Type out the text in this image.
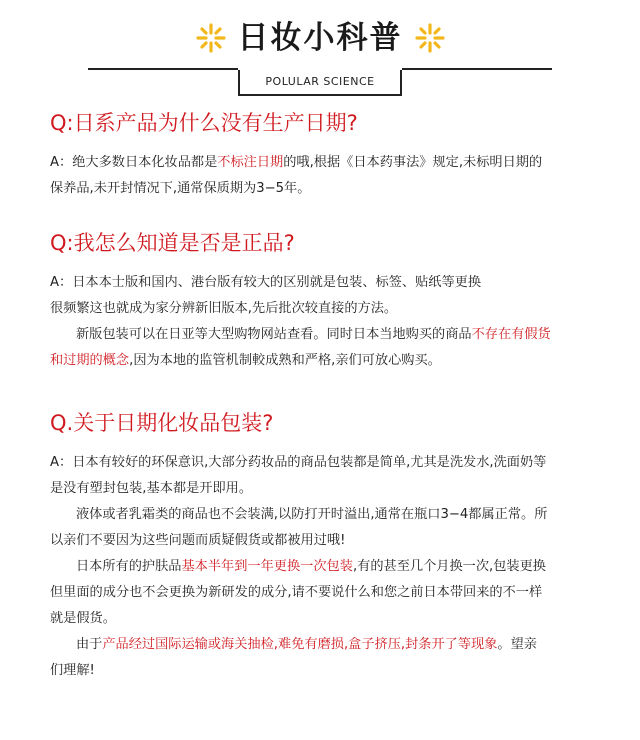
日妆小科普
POLULAR SCIENCE
Q:日系产品为什么没有生产日期?

A：绝大多数日本化妆品都是不标注日期的哦,根据《日本药事法》规定,未标明日期的

保养品,未开封情况下,通常保质期为3−5年。

Q:我怎么知道是否是正品?

A：日本本士版和国内、港台版有较大的区别就是包装、标签、贴纸等更换

很频繁这也就成为家分辨新旧版本,先后批次较直接的方法。

新版包装可以在日亚等大型购物网站查看。同时日本当地购买的商品不存在有假货

和过期的概念,因为本地的监管机制較成熟和严格,亲们可放心购买。

Q.关于日期化妆品包装?

A：日本有较好的环保意识,大部分药妆品的商品包装都是简单,尤其是洗发水,洗面奶等

是没有塑封包装,基本都是开即用。

液体或者乳霜类的商品也不会装满,以防打开时溢出,通常在瓶口3−4都属正常。所

以亲们不要因为这些问题而质疑假货或都被用过哦!

日本所有的护肤品基本半年到一年更换一次包装,有的甚至几个月换一次,包装更换

但里面的成分也不会更换为新研发的成分,请不要说什么和您之前日本带回来的不一样

就是假货。

由于产品经过国际运输或海关抽检,难免有磨损,盒子挤压,封条开了等现象。望亲

们理解!
